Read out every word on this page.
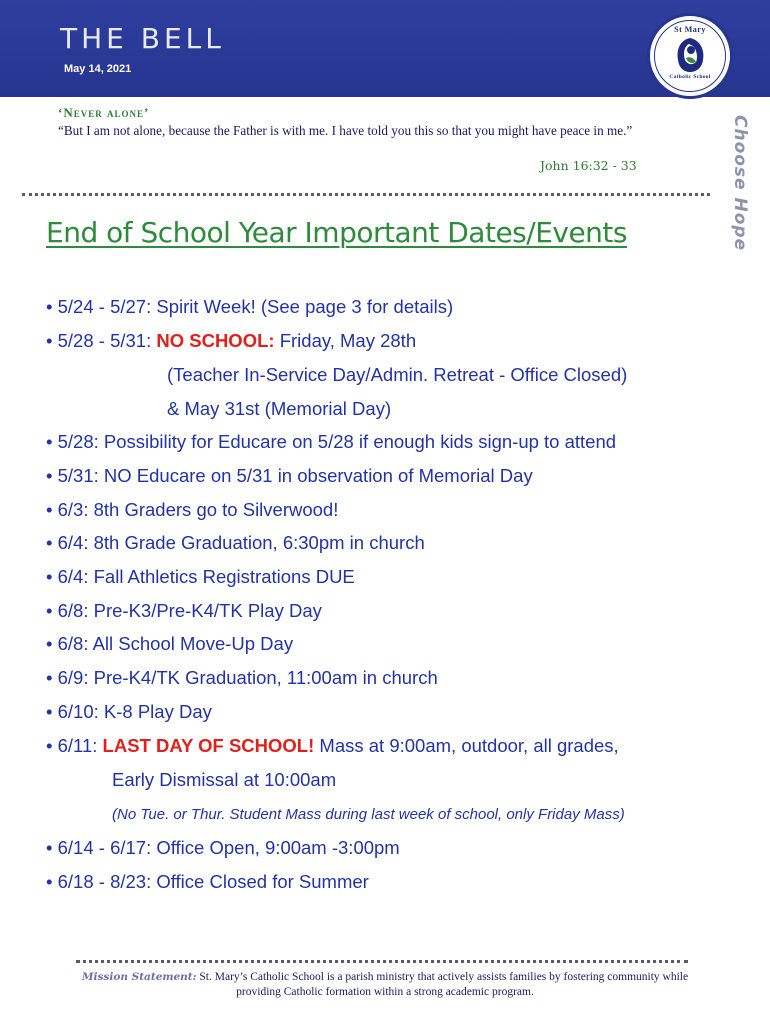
THE BELL
May 14, 2021
St Mary
Catholic School
Choose Hope
‘Never alone’
“But I am not alone, because the Father is with me. I have told you this so that you might have peace in me.”
John 16:32 - 33
End of School Year Important Dates/Events
• 5/24 - 5/27: Spirit Week! (See page 3 for details)
• 5/28 - 5/31: NO SCHOOL: Friday, May 28th
(Teacher In-Service Day/Admin. Retreat - Office Closed)
& May 31st (Memorial Day)
• 5/28: Possibility for Educare on 5/28 if enough kids sign-up to attend
• 5/31: NO Educare on 5/31 in observation of Memorial Day
• 6/3: 8th Graders go to Silverwood!
• 6/4: 8th Grade Graduation, 6:30pm in church
• 6/4: Fall Athletics Registrations DUE
• 6/8: Pre-K3/Pre-K4/TK Play Day
• 6/8: All School Move-Up Day
• 6/9: Pre-K4/TK Graduation, 11:00am in church
• 6/10: K-8 Play Day
• 6/11: LAST DAY OF SCHOOL! Mass at 9:00am, outdoor, all grades,
Early Dismissal at 10:00am
(No Tue. or Thur. Student Mass during last week of school, only Friday Mass)
• 6/14 - 6/17: Office Open, 9:00am -3:00pm
• 6/18 - 8/23: Office Closed for Summer
Mission Statement: St. Mary’s Catholic School is a parish ministry that actively assists families by fostering community while providing Catholic formation within a strong academic program.
